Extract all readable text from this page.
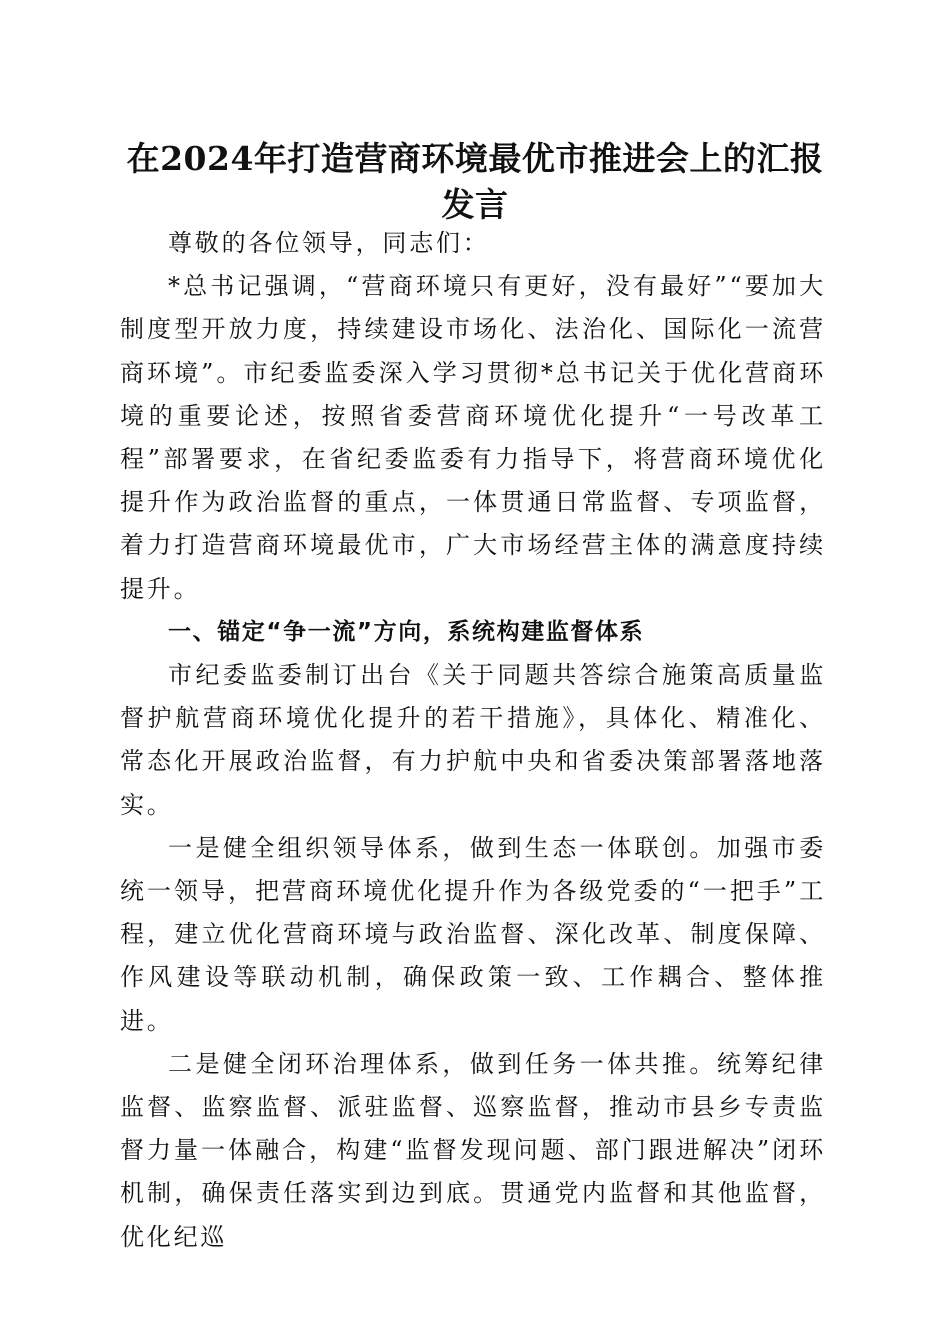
在2024年打造营商环境最优市推进会上的汇报发言

尊敬的各位领导，同志们：

*总书记强调，“营商环境只有更好，没有最好”“要加大制度型开放力度，持续建设市场化、法治化、国际化一流营商环境”。市纪委监委深入学习贯彻*总书记关于优化营商环境的重要论述，按照省委营商环境优化提升“一号改革工程”部署要求，在省纪委监委有力指导下，将营商环境优化提升作为政治监督的重点，一体贯通日常监督、专项监督，着力打造营商环境最优市，广大市场经营主体的满意度持续提升。

一、锚定“争一流”方向，系统构建监督体系

市纪委监委制订出台《关于同题共答综合施策高质量监督护航营商环境优化提升的若干措施》，具体化、精准化、常态化开展政治监督，有力护航中央和省委决策部署落地落实。

一是健全组织领导体系，做到生态一体联创。加强市委统一领导，把营商环境优化提升作为各级党委的“一把手”工程，建立优化营商环境与政治监督、深化改革、制度保障、作风建设等联动机制，确保政策一致、工作耦合、整体推进。

二是健全闭环治理体系，做到任务一体共推。统筹纪律监督、监察监督、派驻监督、巡察监督，推动市县乡专责监督力量一体融合，构建“监督发现问题、部门跟进解决”闭环机制，确保责任落实到边到底。贯通党内监督和其他监督，优化纪巡
